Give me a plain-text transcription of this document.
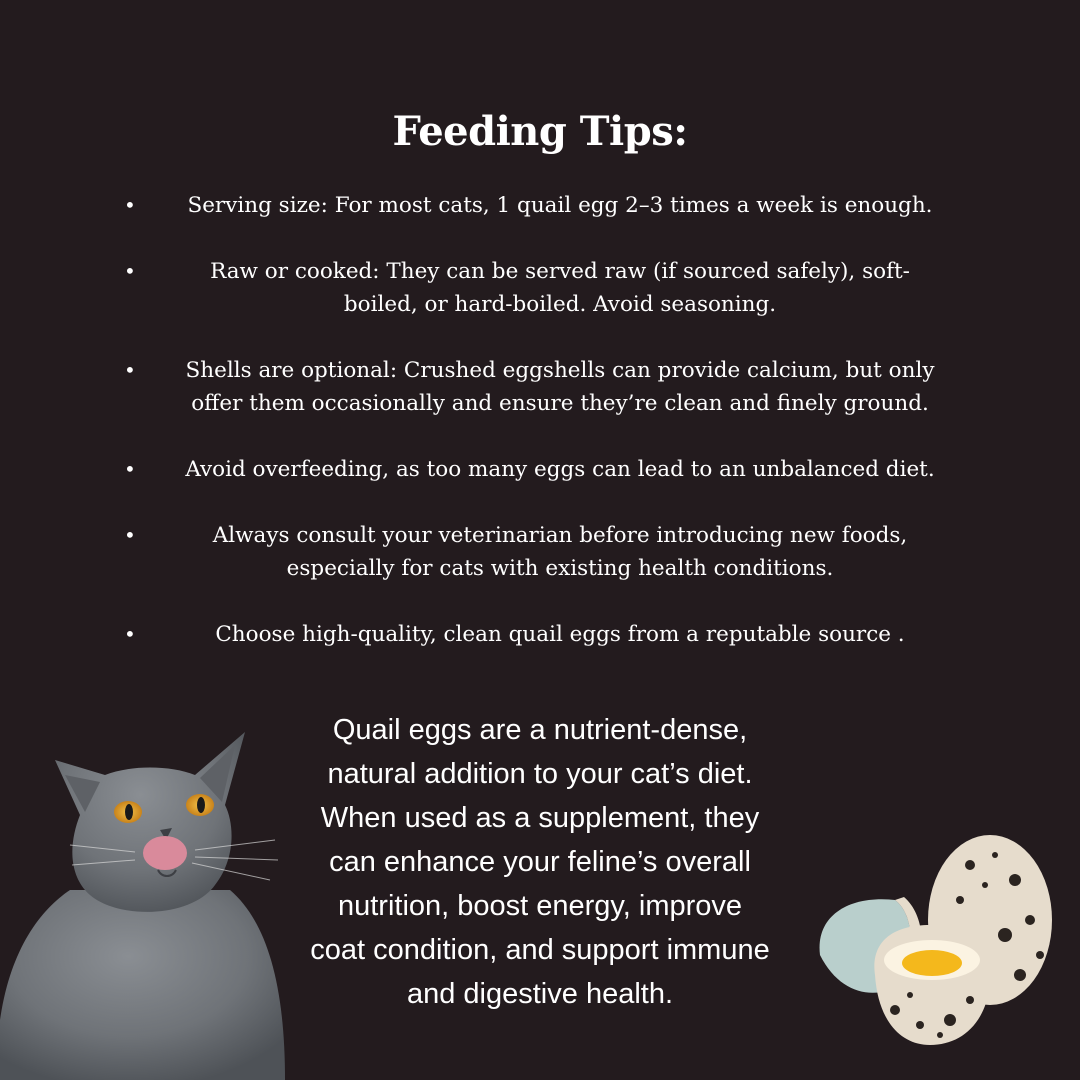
Feeding Tips:
•	Serving size: For most cats, 1 quail egg 2–3 times a week is enough.
•	Raw or cooked: They can be served raw (if sourced safely), soft-
boiled, or hard-boiled. Avoid seasoning.
•	Shells are optional: Crushed eggshells can provide calcium, but only
offer them occasionally and ensure they’re clean and finely ground.
•	Avoid overfeeding, as too many eggs can lead to an unbalanced diet.
•	Always consult your veterinarian before introducing new foods,
especially for cats with existing health conditions.
•	Choose high-quality, clean quail eggs from a reputable source .
Quail eggs are a nutrient-dense,
natural addition to your cat’s diet.
When used as a supplement, they
can enhance your feline’s overall
nutrition, boost energy, improve
coat condition, and support immune
and digestive health.
